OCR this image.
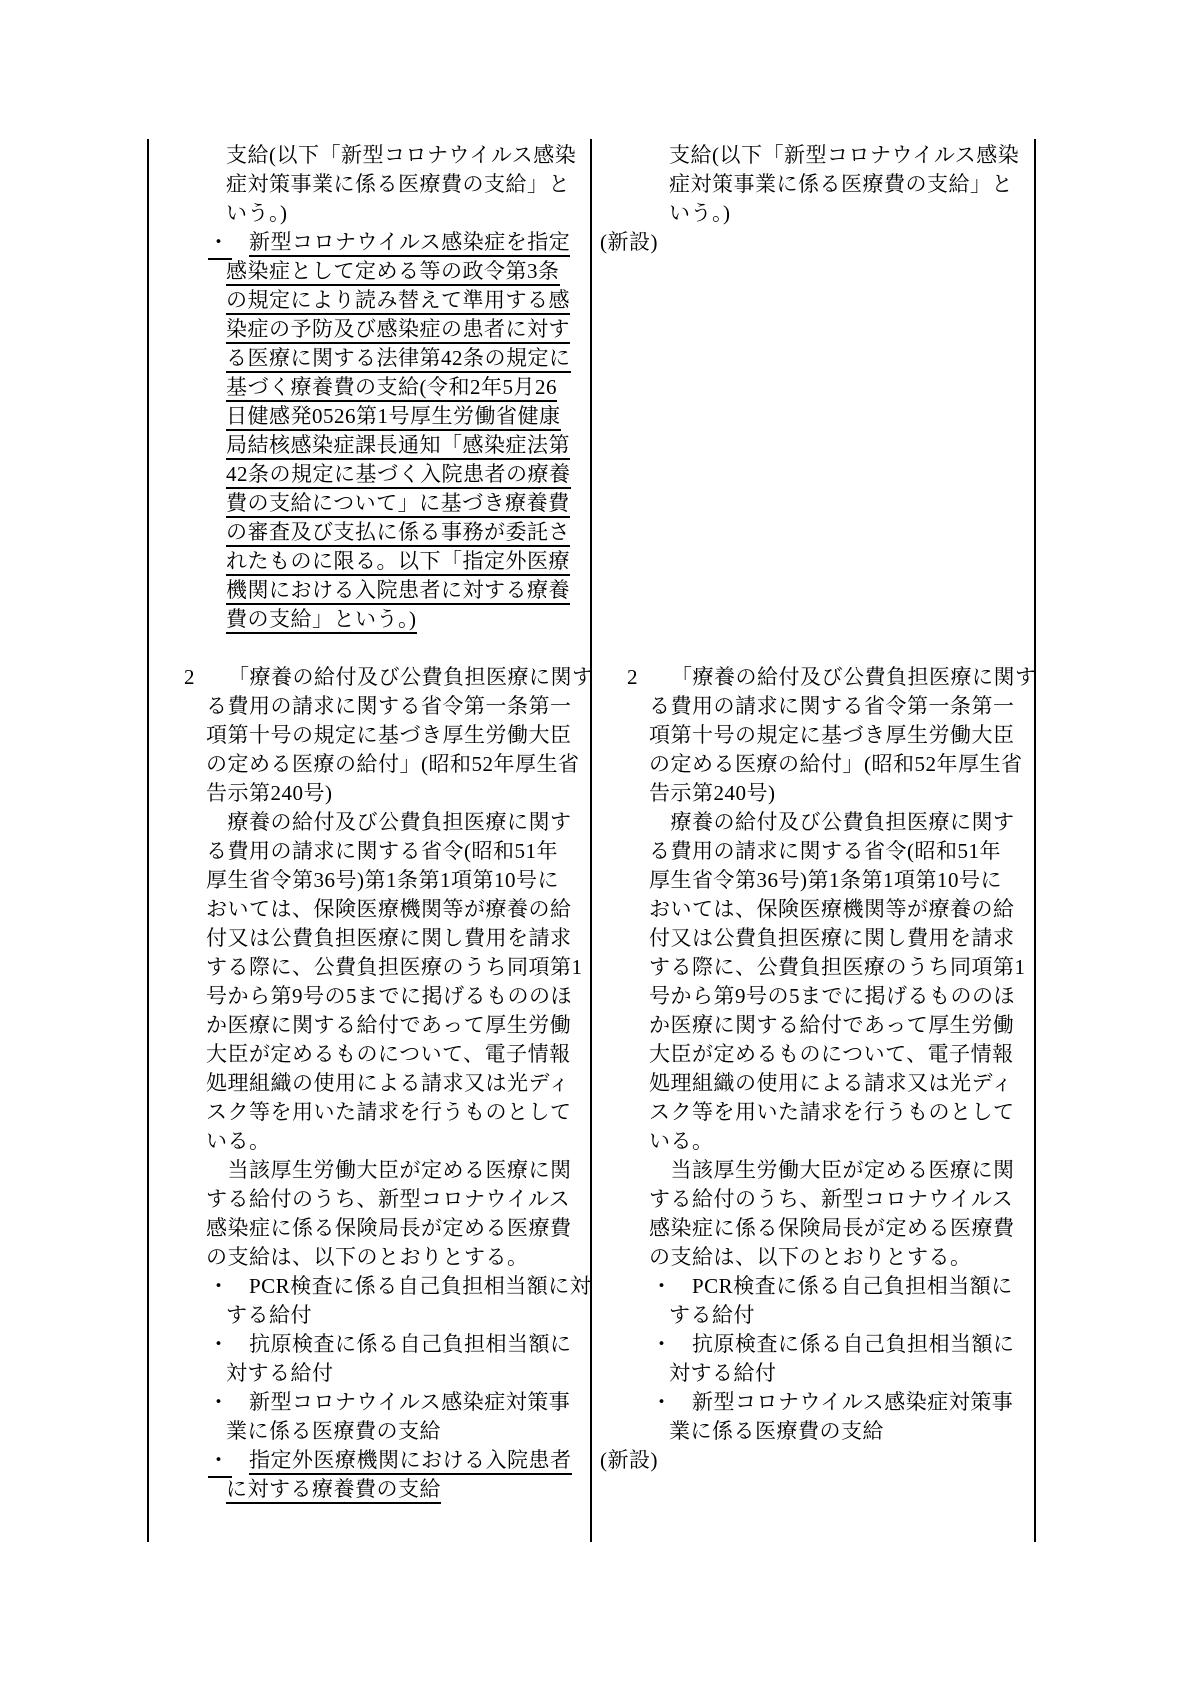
支給(以下「新型コロナウイルス感染
症対策事業に係る医療費の支給」と
いう。)
・ 新型コロナウイルス感染症を指定
感染症として定める等の政令第3条
の規定により読み替えて準用する感
染症の予防及び感染症の患者に対す
る医療に関する法律第42条の規定に
基づく療養費の支給(令和2年5月26
日健感発0526第1号厚生労働省健康
局結核感染症課長通知「感染症法第
42条の規定に基づく入院患者の療養
費の支給について」に基づき療養費
の審査及び支払に係る事務が委託さ
れたものに限る。以下「指定外医療
機関における入院患者に対する療養
費の支給」という。)

2 「療養の給付及び公費負担医療に関す
る費用の請求に関する省令第一条第一
項第十号の規定に基づき厚生労働大臣
の定める医療の給付」(昭和52年厚生省
告示第240号)
　療養の給付及び公費負担医療に関す
る費用の請求に関する省令(昭和51年
厚生省令第36号)第1条第1項第10号に
おいては、保険医療機関等が療養の給
付又は公費負担医療に関し費用を請求
する際に、公費負担医療のうち同項第1
号から第9号の5までに掲げるもののほ
か医療に関する給付であって厚生労働
大臣が定めるものについて、電子情報
処理組織の使用による請求又は光ディ
スク等を用いた請求を行うものとして
いる。
　当該厚生労働大臣が定める医療に関
する給付のうち、新型コロナウイルス
感染症に係る保険局長が定める医療費
の支給は、以下のとおりとする。
・ PCR検査に係る自己負担相当額に対
する給付
・ 抗原検査に係る自己負担相当額に
対する給付
・ 新型コロナウイルス感染症対策事
業に係る医療費の支給
・ 指定外医療機関における入院患者
に対する療養費の支給
支給(以下「新型コロナウイルス感染
症対策事業に係る医療費の支給」と
いう。)
(新設)

2 「療養の給付及び公費負担医療に関す
る費用の請求に関する省令第一条第一
項第十号の規定に基づき厚生労働大臣
の定める医療の給付」(昭和52年厚生省
告示第240号)
　療養の給付及び公費負担医療に関す
る費用の請求に関する省令(昭和51年
厚生省令第36号)第1条第1項第10号に
おいては、保険医療機関等が療養の給
付又は公費負担医療に関し費用を請求
する際に、公費負担医療のうち同項第1
号から第9号の5までに掲げるもののほ
か医療に関する給付であって厚生労働
大臣が定めるものについて、電子情報
処理組織の使用による請求又は光ディ
スク等を用いた請求を行うものとして
いる。
　当該厚生労働大臣が定める医療に関
する給付のうち、新型コロナウイルス
感染症に係る保険局長が定める医療費
の支給は、以下のとおりとする。
・ PCR検査に係る自己負担相当額に
する給付
・ 抗原検査に係る自己負担相当額に
対する給付
・ 新型コロナウイルス感染症対策事
業に係る医療費の支給
(新設)
